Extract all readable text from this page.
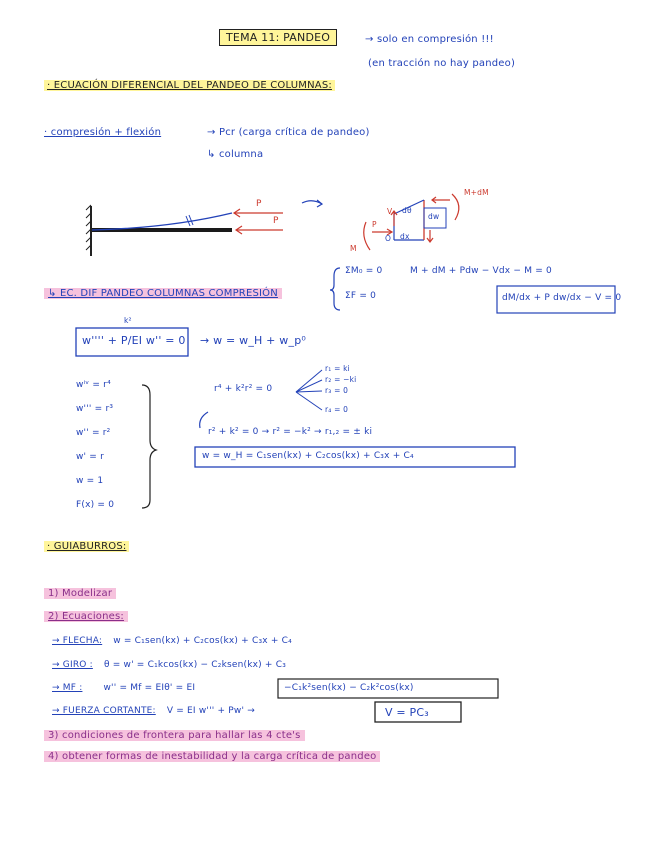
TEMA 11: PANDEO	→ solo en compresión !!!
(en tracción no hay pandeo)
· ECUACIÓN DIFERENCIAL DEL PANDEO DE COLUMNAS:
· compresión + flexión	→ Pcr (carga crítica de pandeo)
↳ columna
P
P
M+dM
P
V dθ
dw
dx
M
O
↳ EC. DIF PANDEO COLUMNAS COMPRESIÓN
ΣM₀ = 0
ΣF = 0
M + dM + Pdw − Vdx − M = 0
dM/dx + P dw/dx − V = 0
w'''' + P/EI w'' = 0
k²
→ w = w_H + w_p⁰
wⁱᵛ = r⁴
w''' = r³
w'' = r²
w' = r
w = 1
F(x) = 0
r⁴ + k²r² = 0
r₁ = ki
r₂ = −ki
r₃ = 0
r₄ = 0
r² + k² = 0 → r² = −k² → r₁,₂ = ± ki
w = w_H = C₁sen(kx) + C₂cos(kx) + C₃x + C₄
· GUIABURROS:
1) Modelizar
2) Ecuaciones:
→ FLECHA: w = C₁sen(kx) + C₂cos(kx) + C₃x + C₄
→ GIRO : θ = w' = C₁kcos(kx) − C₂ksen(kx) + C₃
→ MF : w'' = Mf = EIθ' = EI	−C₁k²sen(kx) − C₂k²cos(kx)
→ FUERZA CORTANTE: V = EI w''' + Pw' →	V = PC₃
3) condiciones de frontera para hallar las 4 cte's
4) obtener formas de inestabilidad y la carga crítica de pandeo
